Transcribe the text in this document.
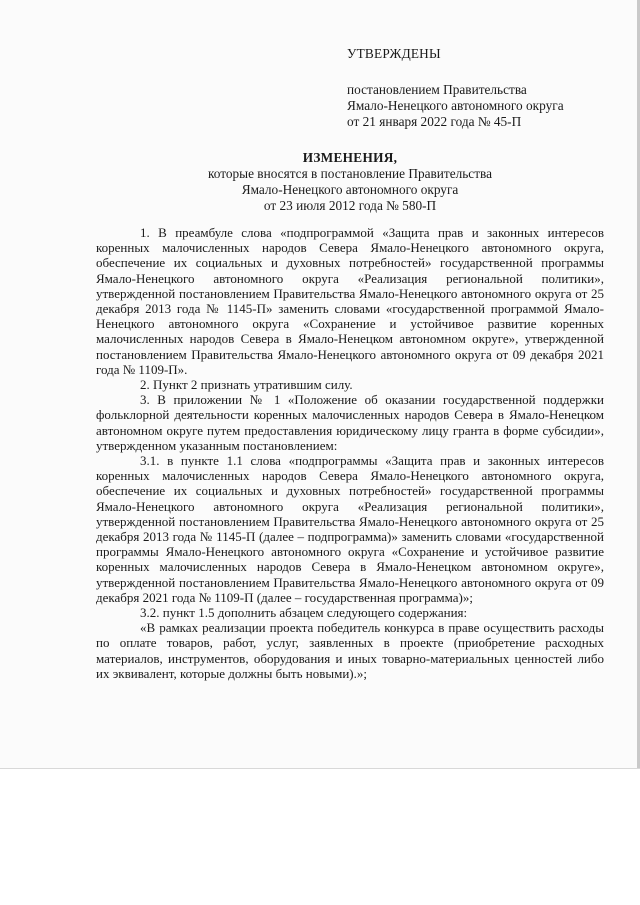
УТВЕРЖДЕНЫ
постановлением Правительства
Ямало-Ненецкого автономного округа
от 21 января 2022 года № 45-П
ИЗМЕНЕНИЯ,
которые вносятся в постановление Правительства
Ямало-Ненецкого автономного округа
от 23 июля 2012 года № 580-П

1. В преамбуле слова «подпрограммой «Защита прав и законных интересов коренных малочисленных народов Севера Ямало-Ненецкого автономного округа, обеспечение их социальных и духовных потребностей» государственной программы Ямало-Ненецкого автономного округа «Реализация региональной политики», утвержденной постановлением Правительства Ямало-Ненецкого автономного округа от 25 декабря 2013 года № 1145-П» заменить словами «государственной программой Ямало-Ненецкого автономного округа «Сохранение и устойчивое развитие коренных малочисленных народов Севера в Ямало-Ненецком автономном округе», утвержденной постановлением Правительства Ямало-Ненецкого автономного округа от 09 декабря 2021 года № 1109-П».

2. Пункт 2 признать утратившим силу.

3. В приложении № 1 «Положение об оказании государственной поддержки фольклорной деятельности коренных малочисленных народов Севера в Ямало-Ненецком автономном округе путем предоставления юридическому лицу гранта в форме субсидии», утвержденном указанным постановлением:

3.1. в пункте 1.1 слова «подпрограммы «Защита прав и законных интересов коренных малочисленных народов Севера Ямало-Ненецкого автономного округа, обеспечение их социальных и духовных потребностей» государственной программы Ямало-Ненецкого автономного округа «Реализация региональной политики», утвержденной постановлением Правительства Ямало-Ненецкого автономного округа от 25 декабря 2013 года № 1145-П (далее – подпрограмма)» заменить словами «государственной программы Ямало-Ненецкого автономного округа «Сохранение и устойчивое развитие коренных малочисленных народов Севера в Ямало-Ненецком автономном округе», утвержденной постановлением Правительства Ямало-Ненецкого автономного округа от 09 декабря 2021 года № 1109-П (далее – государственная программа)»;

3.2. пункт 1.5 дополнить абзацем следующего содержания:

«В рамках реализации проекта победитель конкурса в праве осуществить расходы по оплате товаров, работ, услуг, заявленных в проекте (приобретение расходных материалов, инструментов, оборудования и иных товарно-материальных ценностей либо их эквивалент, которые должны быть новыми).»;
